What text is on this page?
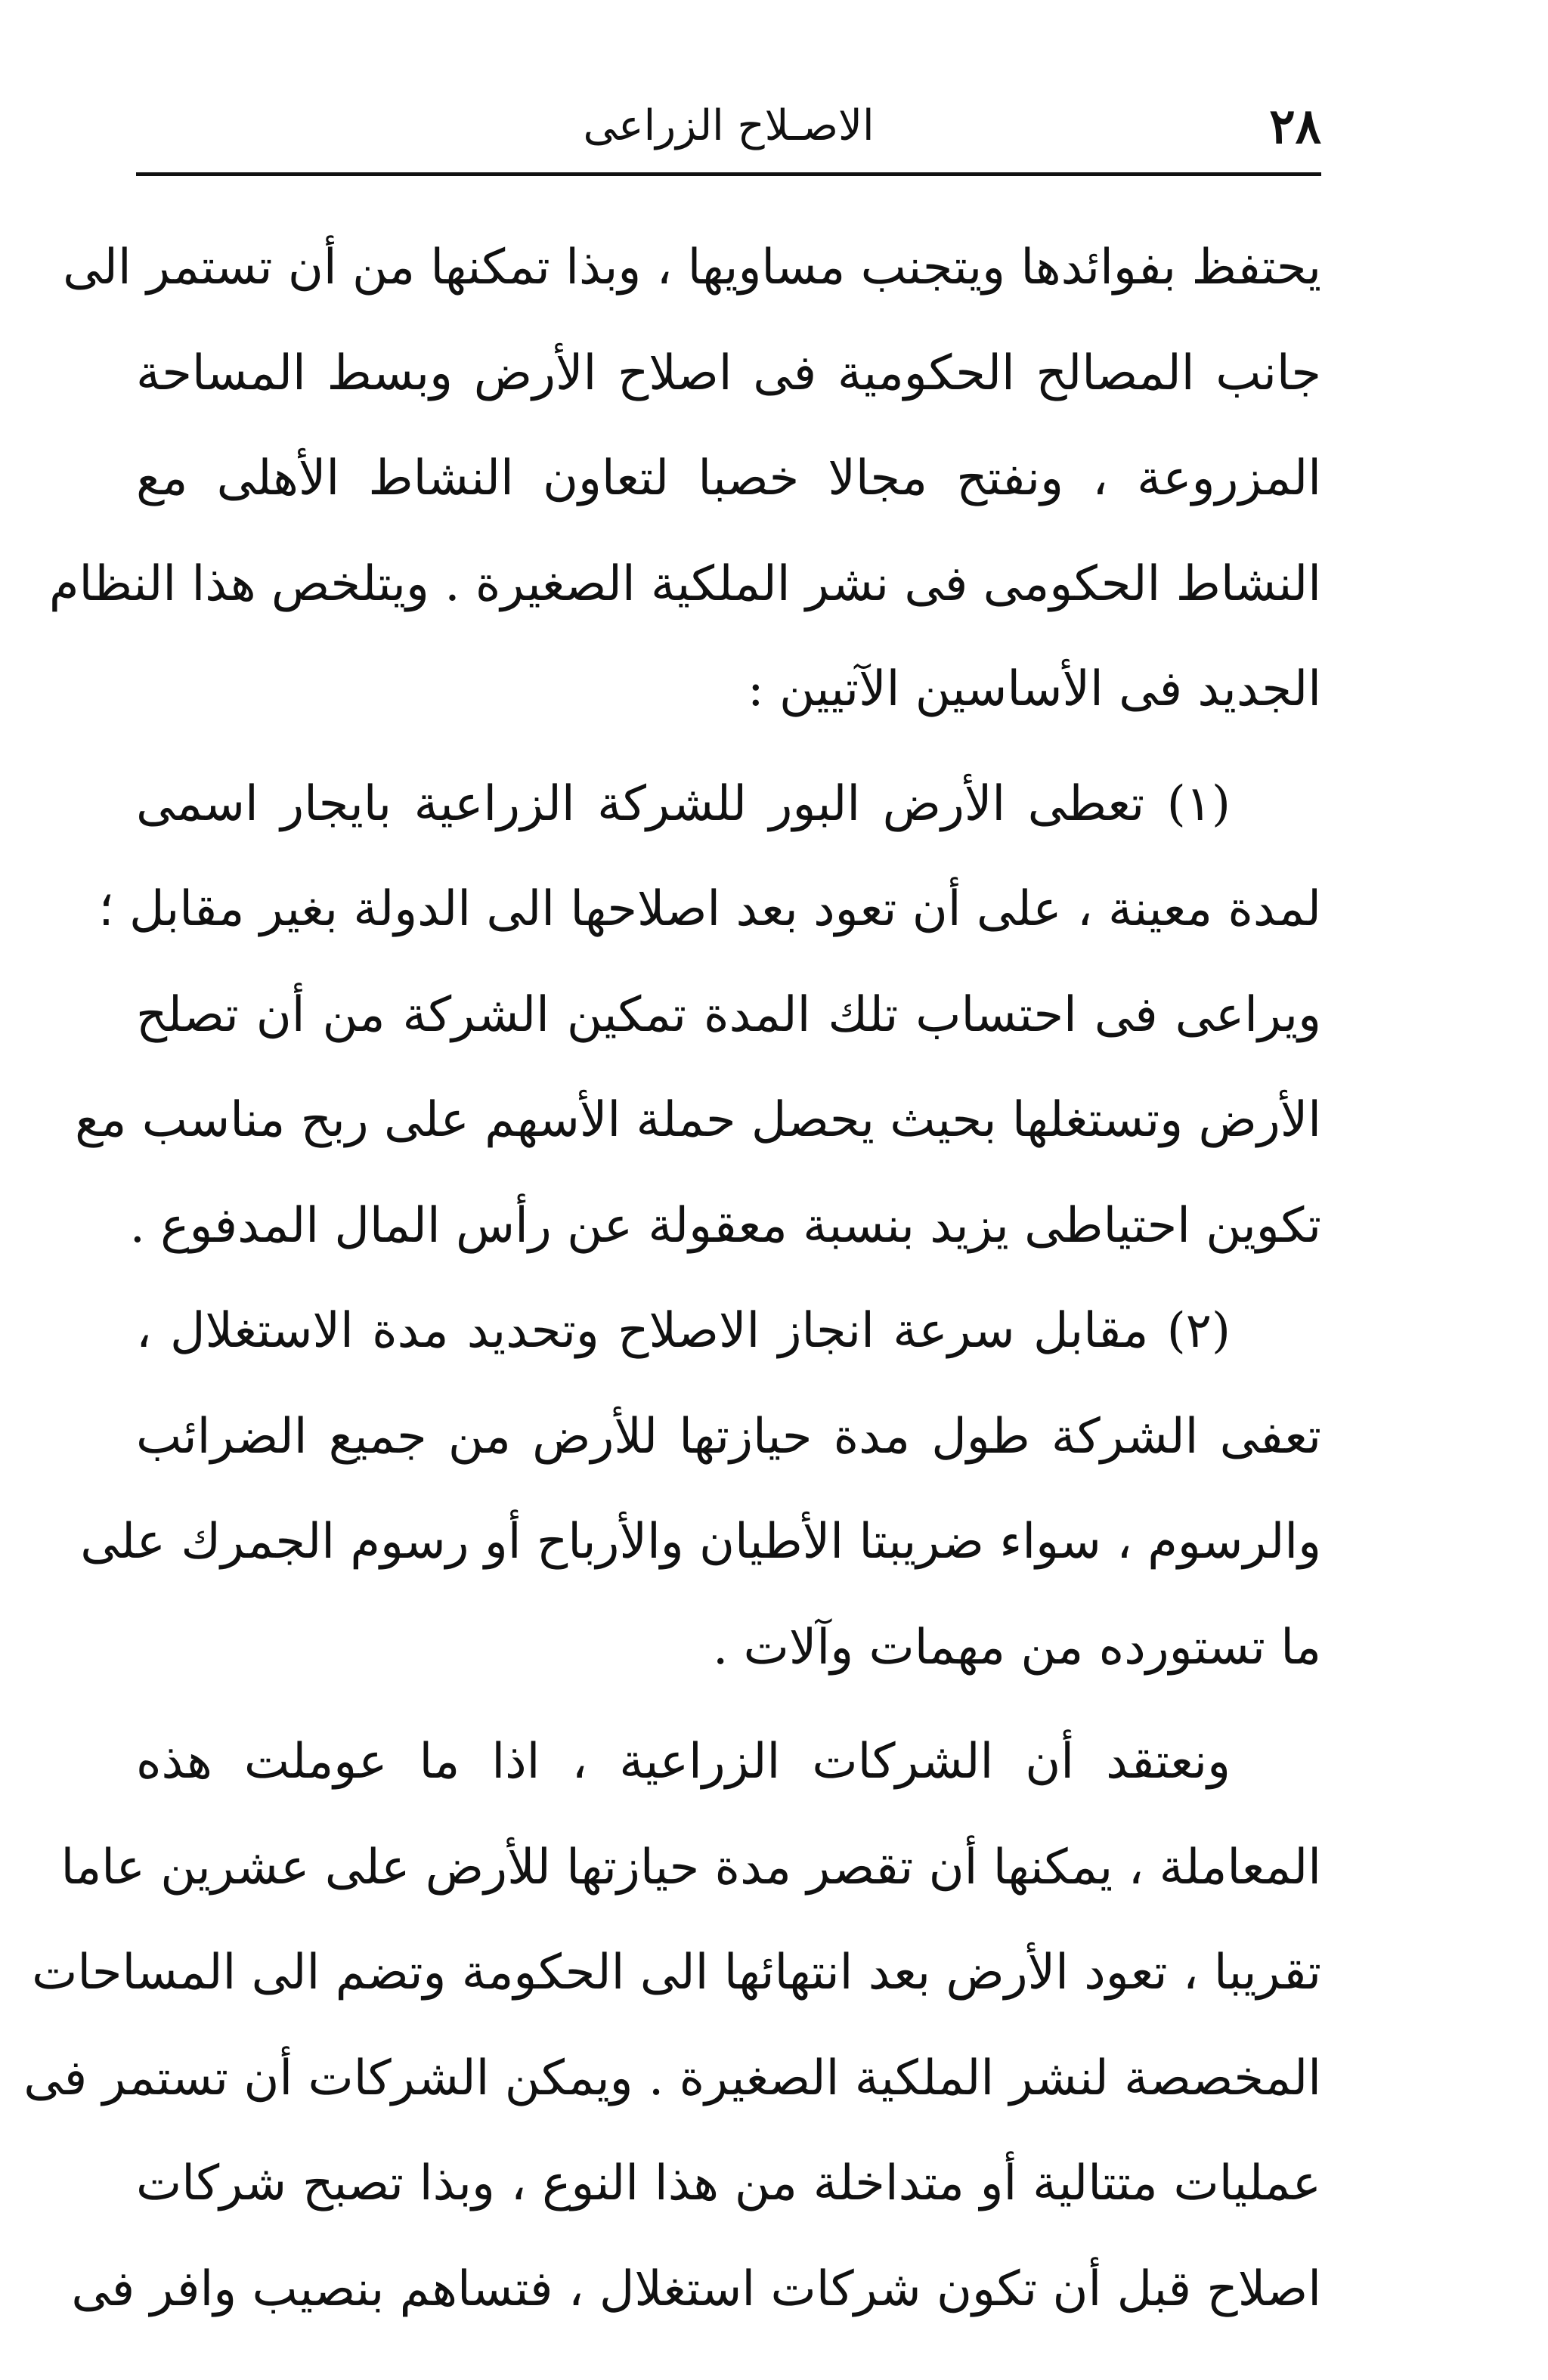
٢٨
الاصـلاح الزراعى

يحتفظ بفوائدها ويتجنب مساويها ، وبذا تمكنها من أن تستمر الى
جانب المصالح الحكومية فى اصلاح الأرض وبسط المساحة
المزروعة ، ونفتح مجالا خصبا لتعاون النشاط الأهلى مع
النشاط الحكومى فى نشر الملكية الصغيرة . ويتلخص هذا النظام
الجديد فى الأساسين الآتيين :

(١) تعطى الأرض البور للشركة الزراعية بايجار اسمى
لمدة معينة ، على أن تعود بعد اصلاحها الى الدولة بغير مقابل ؛
ويراعى فى احتساب تلك المدة تمكين الشركة من أن تصلح
الأرض وتستغلها بحيث يحصل حملة الأسهم على ربح مناسب مع
تكوين احتياطى يزيد بنسبة معقولة عن رأس المال المدفوع .

(٢) مقابل سرعة انجاز الاصلاح وتحديد مدة الاستغلال ،
تعفى الشركة طول مدة حيازتها للأرض من جميع الضرائب
والرسوم ، سواء ضريبتا الأطيان والأرباح أو رسوم الجمرك على
ما تستورده من مهمات وآلات .

ونعتقد أن الشركات الزراعية ، اذا ما عوملت هذه
المعاملة ، يمكنها أن تقصر مدة حيازتها للأرض على عشرين عاما
تقريبا ، تعود الأرض بعد انتهائها الى الحكومة وتضم الى المساحات
المخصصة لنشر الملكية الصغيرة . ويمكن الشركات أن تستمر فى
عمليات متتالية أو متداخلة من هذا النوع ، وبذا تصبح شركات
اصلاح قبل أن تكون شركات استغلال ، فتساهم بنصيب وافر فى
